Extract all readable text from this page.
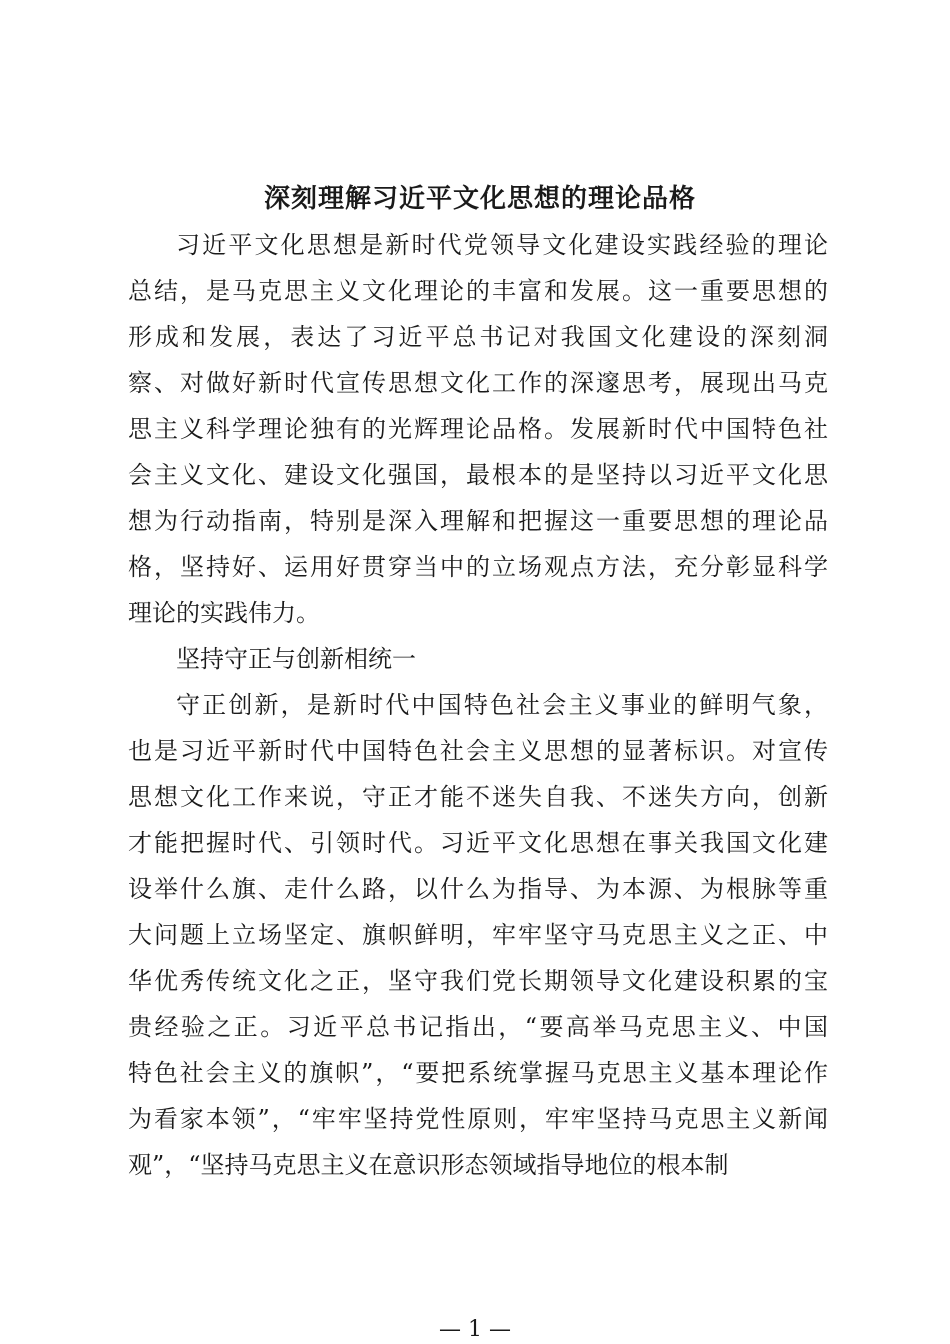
深刻理解习近平文化思想的理论品格
习近平文化思想是新时代党领导文化建设实践经验的理论
总结，是马克思主义文化理论的丰富和发展。这一重要思想的
形成和发展，表达了习近平总书记对我国文化建设的深刻洞
察、对做好新时代宣传思想文化工作的深邃思考，展现出马克
思主义科学理论独有的光辉理论品格。发展新时代中国特色社
会主义文化、建设文化强国，最根本的是坚持以习近平文化思
想为行动指南，特别是深入理解和把握这一重要思想的理论品
格，坚持好、运用好贯穿当中的立场观点方法，充分彰显科学
理论的实践伟力。
坚持守正与创新相统一
守正创新，是新时代中国特色社会主义事业的鲜明气象，
也是习近平新时代中国特色社会主义思想的显著标识。对宣传
思想文化工作来说，守正才能不迷失自我、不迷失方向，创新
才能把握时代、引领时代。习近平文化思想在事关我国文化建
设举什么旗、走什么路，以什么为指导、为本源、为根脉等重
大问题上立场坚定、旗帜鲜明，牢牢坚守马克思主义之正、中
华优秀传统文化之正，坚守我们党长期领导文化建设积累的宝
贵经验之正。习近平总书记指出，“要高举马克思主义、中国
特色社会主义的旗帜”，“要把系统掌握马克思主义基本理论作
为看家本领”，“牢牢坚持党性原则，牢牢坚持马克思主义新闻
观”，“坚持马克思主义在意识形态领域指导地位的根本制
— 1 —
